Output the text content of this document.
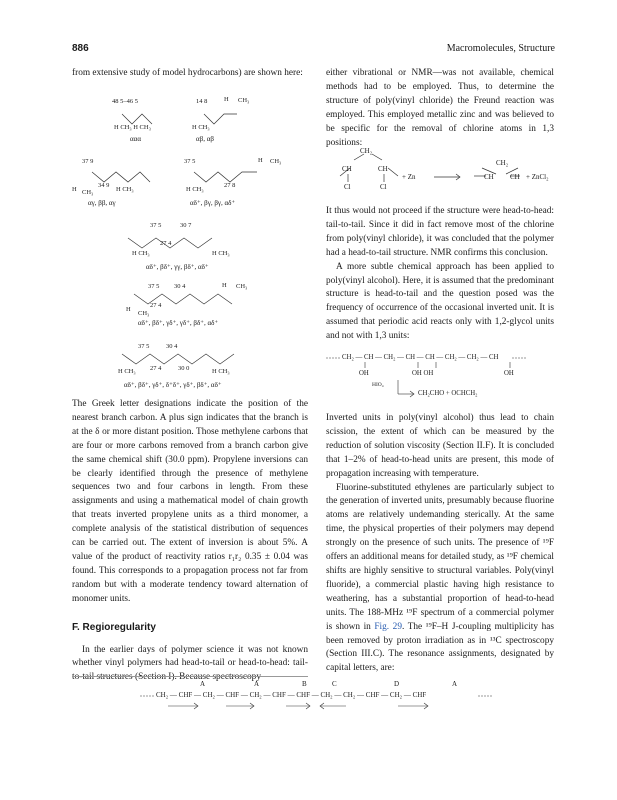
886	Macromolecules, Structure

from extensive study of model hydrocarbons) are shown here:

48 5–46 5	14 8	H CH₃
H CH₃ H CH₃	H CH₃
ααα	αβ, αβ
37 9
34 9
H CH₃	H CH₃
αγ, ββ, αγ
37 5
27 8
H CH₃
H CH₃
αδ⁺, βγ, βγ, αδ⁺
37 5	30 7
27 4
H CH₃	H CH₃
αδ⁺, βδ⁺, γγ, βδ⁺, αδ⁺
37 5 30 4
27 4
H CH₃
H
CH₃
αδ⁺, βδ⁺, γδ⁺, γδ⁺, βδ⁺, αδ⁺
37 5	30 4
27 4	30 0
H CH₃	H CH₃
αδ⁺, βδ⁺, γδ⁺, δ⁺δ⁺, γδ⁺, βδ⁺, αδ⁺

The Greek letter designations indicate the position of the nearest branch carbon. A plus sign indicates that the branch is at the δ or more distant position. Those methylene carbons that are four or more carbons removed from a branch carbon give the same chemical shift (30.0 ppm). Propylene inversions can be clearly identified through the presence of methylene sequences two and four carbons in length. From these assignments and using a mathematical model of chain growth that treats inverted propylene units as a third monomer, a complete analysis of the statistical distribution of sequences can be carried out. The extent of inversion is about 5%. A value of the product of reactivity ratios r₁r₂ 0.35 ± 0.04 was found. This corresponds to a propagation process not far from random but with a moderate tendency toward alternation of monomer units.

F. Regioregularity

In the earlier days of polymer science it was not known whether vinyl polymers had head-to-tail or head-to-head: tail-to-tail structures (Section I). Because spectroscopy—

either vibrational or NMR—was not available, chemical methods had to be employed. Thus, to determine the structure of poly(vinyl chloride) the Freund reaction was employed. This employed metallic zinc and was believed to be specific for the removal of chlorine atoms in 1,3 positions:

CH₂
CH	CH
Cl	Cl
+ Zn
CH₂
CH CH + ZnCl₂

It thus would not proceed if the structure were head-to-head: tail-to-tail. Since it did in fact remove most of the chlorine from poly(vinyl chloride), it was concluded that the polymer had a head-to-tail structure. NMR confirms this conclusion.

A more subtle chemical approach has been applied to poly(vinyl alcohol). Here, it is assumed that the predominant structure is head-to-tail and the question posed was the frequency of occurrence of the occasional inverted unit. It is assumed that periodic acid reacts only with 1,2-glycol units and not with 1,3 units:

CH₂ — CH — CH₂ — CH — CH — CH₂ — CH₂ — CH
OH	OH OH	OH
HIO₄
CH₂CHO + OCHCH₂

Inverted units in poly(vinyl alcohol) thus lead to chain scission, the extent of which can be measured by the reduction of solution viscosity (Section II.F). It is concluded that 1–2% of head-to-head units are present, this mode of propagation increasing with temperature.

Fluorine-substituted ethylenes are particularly subject to the generation of inverted units, presumably because fluorine atoms are relatively undemanding sterically. At the same time, the physical properties of their polymers may depend strongly on the presence of such units. The presence of ¹⁹F offers an additional means for detailed study, as ¹⁹F chemical shifts are highly sensitive to structural variables. Poly(vinyl fluoride), a commercial plastic having high resistance to weathering, has a substantial proportion of head-to-head units. The 188-MHz ¹⁹F spectrum of a commercial polymer is shown in Fig. 29. The ¹⁹F–H J-coupling multiplicity has been removed by proton irradiation as in ¹³C spectroscopy (Section III.C). The resonance assignments, designated by capital letters, are:

A	A	B	C	D	A
CH₂ — CHF — CH₂ — CHF — CH₂ — CHF — CHF — CH₂ — CH₂ — CHF — CH₂ — CHF
